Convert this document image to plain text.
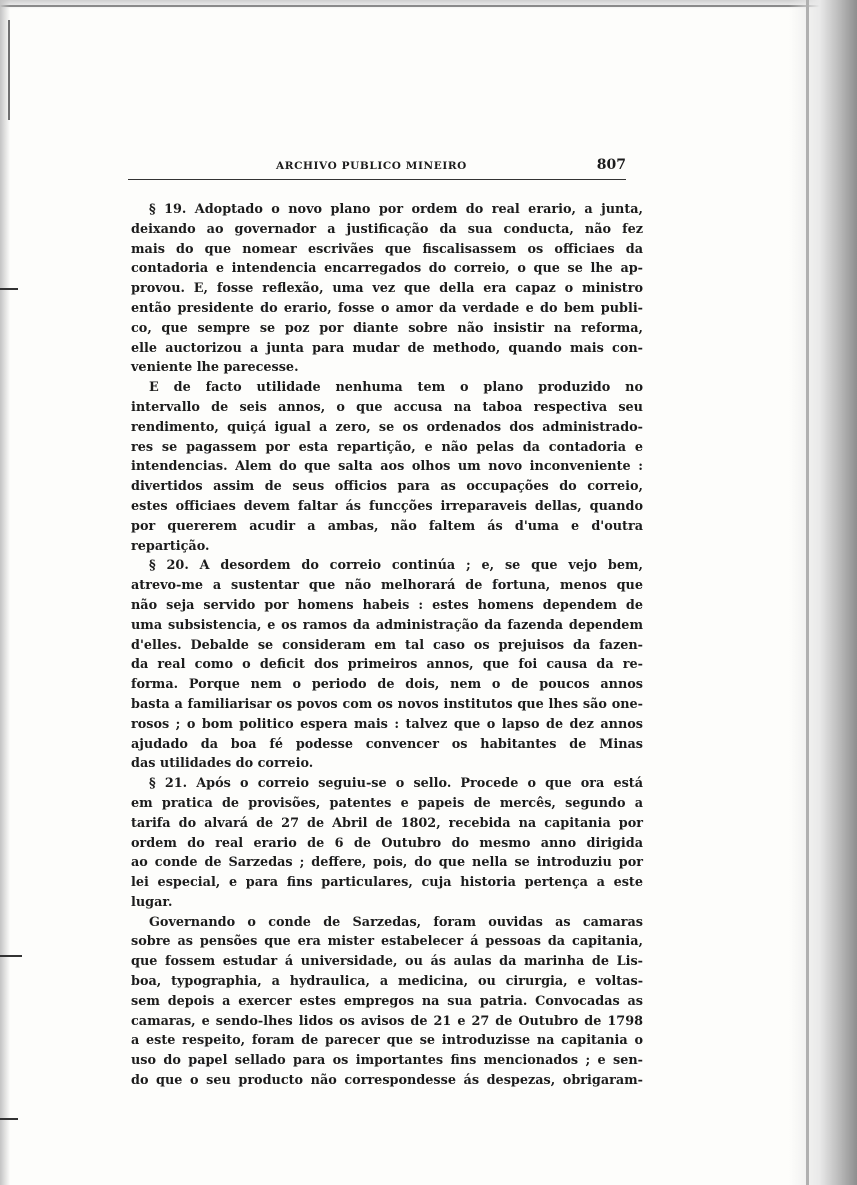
ARCHIVO PUBLICO MINEIRO	807
§ 19. Adoptado o novo plano por ordem do real erario, a junta,
deixando ao governador a justificação da sua conducta, não fez
mais do que nomear escrivães que fiscalisassem os officiaes da
contadoria e intendencia encarregados do correio, o que se lhe ap-
provou. E, fosse reflexão, uma vez que della era capaz o ministro
então presidente do erario, fosse o amor da verdade e do bem publi-
co, que sempre se poz por diante sobre não insistir na reforma,
elle auctorizou a junta para mudar de methodo, quando mais con-
veniente lhe parecesse.
E de facto utilidade nenhuma tem o plano produzido no
intervallo de seis annos, o que accusa na taboa respectiva seu
rendimento, quiçá igual a zero, se os ordenados dos administrado-
res se pagassem por esta repartição, e não pelas da contadoria e
intendencias. Alem do que salta aos olhos um novo inconveniente :
divertidos assim de seus officios para as occupações do correio,
estes officiaes devem faltar ás funcções irreparaveis dellas, quando
por quererem acudir a ambas, não faltem ás d'uma e d'outra
repartição.
§ 20. A desordem do correio continúa ; e, se que vejo bem,
atrevo-me a sustentar que não melhorará de fortuna, menos que
não seja servido por homens habeis : estes homens dependem de
uma subsistencia, e os ramos da administração da fazenda dependem
d'elles. Debalde se consideram em tal caso os prejuisos da fazen-
da real como o deficit dos primeiros annos, que foi causa da re-
forma. Porque nem o periodo de dois, nem o de poucos annos
basta a familiarisar os povos com os novos institutos que lhes são one-
rosos ; o bom politico espera mais : talvez que o lapso de dez annos
ajudado da boa fé podesse convencer os habitantes de Minas
das utilidades do correio.
§ 21. Após o correio seguiu-se o sello. Procede o que ora está
em pratica de provisões, patentes e papeis de mercês, segundo a
tarifa do alvará de 27 de Abril de 1802, recebida na capitania por
ordem do real erario de 6 de Outubro do mesmo anno dirigida
ao conde de Sarzedas ; deffere, pois, do que nella se introduziu por
lei especial, e para fins particulares, cuja historia pertença a este
lugar.
Governando o conde de Sarzedas, foram ouvidas as camaras
sobre as pensões que era mister estabelecer á pessoas da capitania,
que fossem estudar á universidade, ou ás aulas da marinha de Lis-
boa, typographia, a hydraulica, a medicina, ou cirurgia, e voltas-
sem depois a exercer estes empregos na sua patria. Convocadas as
camaras, e sendo-lhes lidos os avisos de 21 e 27 de Outubro de 1798
a este respeito, foram de parecer que se introduzisse na capitania o
uso do papel sellado para os importantes fins mencionados ; e sen-
do que o seu producto não correspondesse ás despezas, obrigaram-
